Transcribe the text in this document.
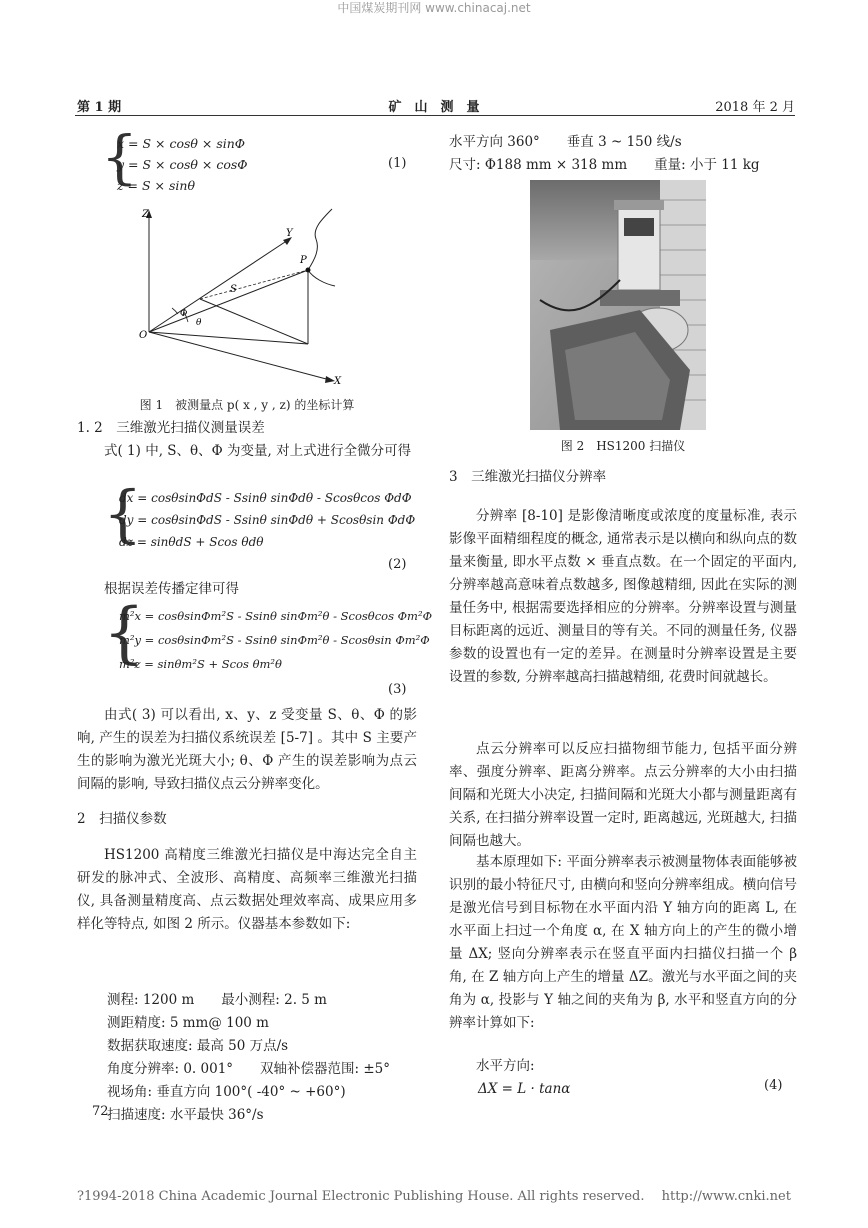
中国煤炭期刊网 www.chinacaj.net
第 1 期	矿　山　测　量	2018 年 2 月
{
x = S × cosθ × sinΦ
y = S × cosθ × cosΦ
z = S × sinθ
(1)
Z
Y
X
O
P
S
Φ
θ
图 1　被测量点 p( x , y , z) 的坐标计算
1. 2　三维激光扫描仪测量误差
式( 1) 中, S、θ、Φ 为变量, 对上式进行全微分可得
{
dx = cosθsinΦdS - Ssinθ sinΦdθ - Scosθcos ΦdΦ
dy = cosθsinΦdS - Ssinθ sinΦdθ + Scosθsin ΦdΦ
dz = sinθdS + Scos θdθ
(2)
根据误差传播定律可得
{
m²x = cosθsinΦm²S - Ssinθ sinΦm²θ - Scosθcos Φm²Φ
m²y = cosθsinΦm²S - Ssinθ sinΦm²θ - Scosθsin Φm²Φ
m²z = sinθm²S + Scos θm²θ
(3)
由式( 3) 可以看出, x、y、z 受变量 S、θ、Φ 的影响, 产生的误差为扫描仪系统误差 [5-7] 。其中 S 主要产生的影响为激光光斑大小; θ、Φ 产生的误差影响为点云间隔的影响, 导致扫描仪点云分辨率变化。
2　扫描仪参数
HS1200 高精度三维激光扫描仪是中海达完全自主研发的脉冲式、全波形、高精度、高频率三维激光扫描仪, 具备测量精度高、点云数据处理效率高、成果应用多样化等特点, 如图 2 所示。仪器基本参数如下:
测程: 1200 m　　最小测程: 2. 5 m
测距精度: 5 mm@ 100 m
数据获取速度: 最高 50 万点/s
角度分辨率: 0. 001°　　双轴补偿器范围: ±5°
视场角: 垂直方向 100°( -40° ~ +60°)
扫描速度: 水平最快 36°/s
72
水平方向 360°　　垂直 3 ~ 150 线/s
尺寸: Φ188 mm × 318 mm　　重量: 小于 11 kg
图 2　HS1200 扫描仪
3　三维激光扫描仪分辨率
分辨率 [8-10] 是影像清晰度或浓度的度量标准, 表示影像平面精细程度的概念, 通常表示是以横向和纵向点的数量来衡量, 即水平点数 × 垂直点数。在一个固定的平面内, 分辨率越高意味着点数越多, 图像越精细, 因此在实际的测量任务中, 根据需要选择相应的分辨率。分辨率设置与测量目标距离的远近、测量目的等有关。不同的测量任务, 仪器参数的设置也有一定的差异。在测量时分辨率设置是主要设置的参数, 分辨率越高扫描越精细, 花费时间就越长。
点云分辨率可以反应扫描物细节能力, 包括平面分辨率、强度分辨率、距离分辨率。点云分辨率的大小由扫描间隔和光斑大小决定, 扫描间隔和光斑大小都与测量距离有关系, 在扫描分辨率设置一定时, 距离越远, 光斑越大, 扫描间隔也越大。
基本原理如下: 平面分辨率表示被测量物体表面能够被识别的最小特征尺寸, 由横向和竖向分辨率组成。横向信号是激光信号到目标物在水平面内沿 Y 轴方向的距离 L, 在水平面上扫过一个角度 α, 在 X 轴方向上的产生的微小增量 ΔX; 竖向分辨率表示在竖直平面内扫描仪扫描一个 β 角, 在 Z 轴方向上产生的增量 ΔZ。激光与水平面之间的夹角为 α, 投影与 Y 轴之间的夹角为 β, 水平和竖直方向的分辨率计算如下:
水平方向:
ΔX = L · tanα	(4)
?1994-2018 China Academic Journal Electronic Publishing House. All rights reserved.　 http://www.cnki.net
